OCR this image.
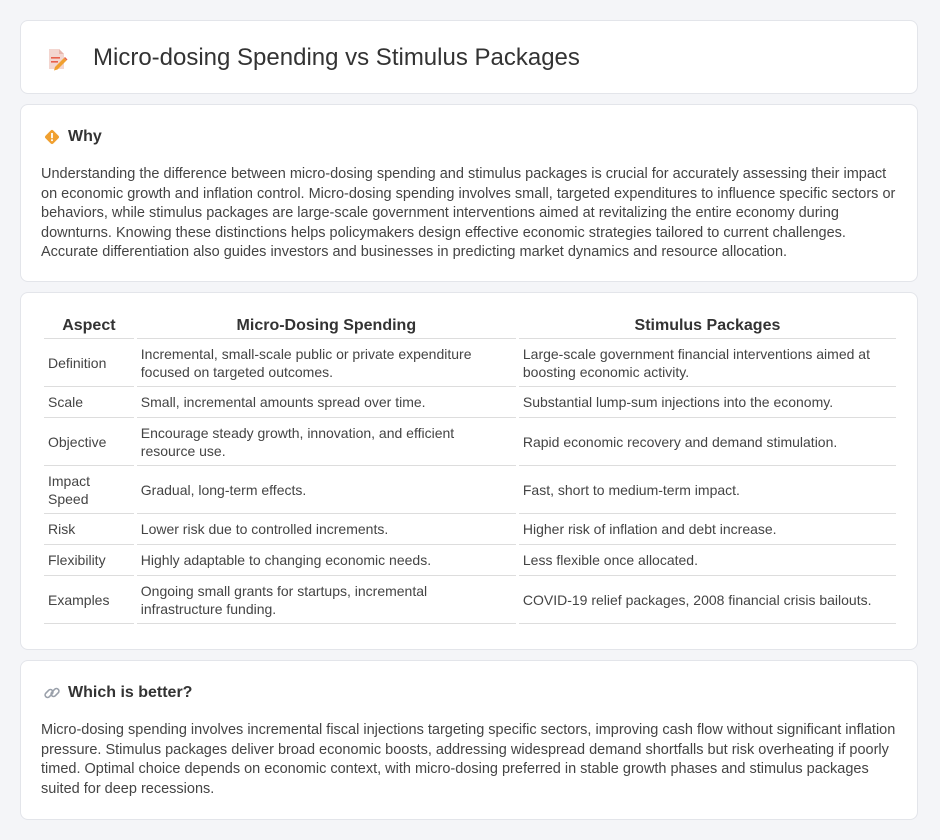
Micro-dosing Spending vs Stimulus Packages
Why

Understanding the difference between micro-dosing spending and stimulus packages is crucial for accurately assessing their impact on economic growth and inflation control. Micro-dosing spending involves small, targeted expenditures to influence specific sectors or behaviors, while stimulus packages are large-scale government interventions aimed at revitalizing the entire economy during downturns. Knowing these distinctions helps policymakers design effective economic strategies tailored to current challenges. Accurate differentiation also guides investors and businesses in predicting market dynamics and resource allocation.

Aspect	Micro-Dosing Spending	Stimulus Packages
Definition	Incremental, small-scale public or private expenditure focused on targeted outcomes.	Large-scale government financial interventions aimed at boosting economic activity.
Scale	Small, incremental amounts spread over time.	Substantial lump-sum injections into the economy.
Objective	Encourage steady growth, innovation, and efficient resource use.	Rapid economic recovery and demand stimulation.
Impact Speed	Gradual, long-term effects.	Fast, short to medium-term impact.
Risk	Lower risk due to controlled increments.	Higher risk of inflation and debt increase.
Flexibility	Highly adaptable to changing economic needs.	Less flexible once allocated.
Examples	Ongoing small grants for startups, incremental infrastructure funding.	COVID-19 relief packages, 2008 financial crisis bailouts.
Which is better?

Micro-dosing spending involves incremental fiscal injections targeting specific sectors, improving cash flow without significant inflation pressure. Stimulus packages deliver broad economic boosts, addressing widespread demand shortfalls but risk overheating if poorly timed. Optimal choice depends on economic context, with micro-dosing preferred in stable growth phases and stimulus packages suited for deep recessions.
